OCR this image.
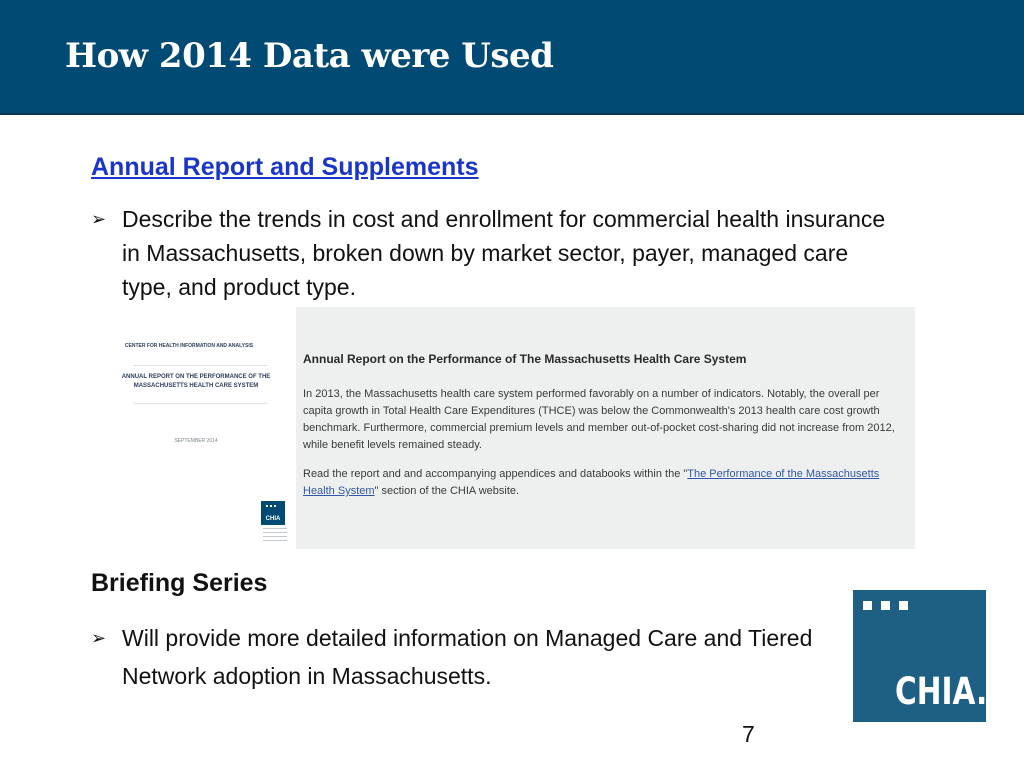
How 2014 Data were Used
Annual Report and Supplements
➢ Describe the trends in cost and enrollment for commercial health insurance in Massachusetts, broken down by market sector, payer, managed care type, and product type.
CENTER FOR HEALTH INFORMATION AND ANALYSIS
ANNUAL REPORT ON THE PERFORMANCE OF THE MASSACHUSETTS HEALTH CARE SYSTEM
SEPTEMBER 2014
CHIA

Annual Report on the Performance of The Massachusetts Health Care System

In 2013, the Massachusetts health care system performed favorably on a number of indicators. Notably, the overall per capita growth in Total Health Care Expenditures (THCE) was below the Commonwealth's 2013 health care cost growth benchmark. Furthermore, commercial premium levels and member out-of-pocket cost-sharing did not increase from 2012, while benefit levels remained steady.

Read the report and and accompanying appendices and databooks within the "The Performance of the Massachusetts Health System" section of the CHIA website.

Briefing Series
➢ Will provide more detailed information on Managed Care and Tiered Network adoption in Massachusetts.	CHIA.
7
